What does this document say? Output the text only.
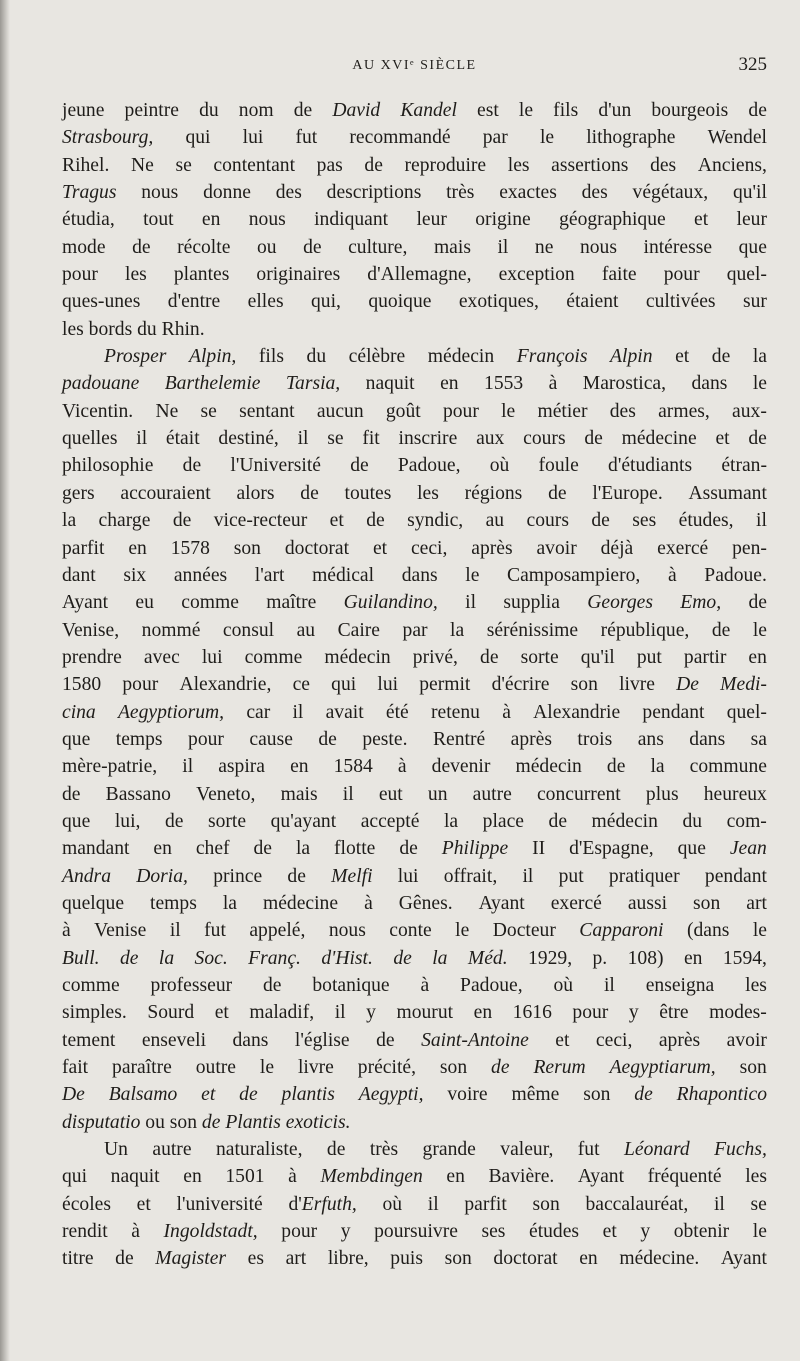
AU XVIᵉ SIÈCLE	325
jeune peintre du nom de David Kandel est le fils d'un bourgeois de
Strasbourg, qui lui fut recommandé par le lithographe Wendel
Rihel. Ne se contentant pas de reproduire les assertions des Anciens,
Tragus nous donne des descriptions très exactes des végétaux, qu'il
étudia, tout en nous indiquant leur origine géographique et leur
mode de récolte ou de culture, mais il ne nous intéresse que
pour les plantes originaires d'Allemagne, exception faite pour quel-
ques-unes d'entre elles qui, quoique exotiques, étaient cultivées sur
les bords du Rhin.
Prosper Alpin, fils du célèbre médecin François Alpin et de la
padouane Barthelemie Tarsia, naquit en 1553 à Marostica, dans le
Vicentin. Ne se sentant aucun goût pour le métier des armes, aux-
quelles il était destiné, il se fit inscrire aux cours de médecine et de
philosophie de l'Université de Padoue, où foule d'étudiants étran-
gers accouraient alors de toutes les régions de l'Europe. Assumant
la charge de vice-recteur et de syndic, au cours de ses études, il
parfit en 1578 son doctorat et ceci, après avoir déjà exercé pen-
dant six années l'art médical dans le Camposampiero, à Padoue.
Ayant eu comme maître Guilandino, il supplia Georges Emo, de
Venise, nommé consul au Caire par la sérénissime république, de le
prendre avec lui comme médecin privé, de sorte qu'il put partir en
1580 pour Alexandrie, ce qui lui permit d'écrire son livre De Medi-
cina Aegyptiorum, car il avait été retenu à Alexandrie pendant quel-
que temps pour cause de peste. Rentré après trois ans dans sa
mère-patrie, il aspira en 1584 à devenir médecin de la commune
de Bassano Veneto, mais il eut un autre concurrent plus heureux
que lui, de sorte qu'ayant accepté la place de médecin du com-
mandant en chef de la flotte de Philippe II d'Espagne, que Jean
Andra Doria, prince de Melfi lui offrait, il put pratiquer pendant
quelque temps la médecine à Gênes. Ayant exercé aussi son art
à Venise il fut appelé, nous conte le Docteur Capparoni (dans le
Bull. de la Soc. Franç. d'Hist. de la Méd. 1929, p. 108) en 1594,
comme professeur de botanique à Padoue, où il enseigna les
simples. Sourd et maladif, il y mourut en 1616 pour y être modes-
tement enseveli dans l'église de Saint-Antoine et ceci, après avoir
fait paraître outre le livre précité, son de Rerum Aegyptiarum, son
De Balsamo et de plantis Aegypti, voire même son de Rhapontico
disputatio ou son de Plantis exoticis.
Un autre naturaliste, de très grande valeur, fut Léonard Fuchs,
qui naquit en 1501 à Membdingen en Bavière. Ayant fréquenté les
écoles et l'université d'Erfuth, où il parfit son baccalauréat, il se
rendit à Ingoldstadt, pour y poursuivre ses études et y obtenir le
titre de Magister es art libre, puis son doctorat en médecine. Ayant
